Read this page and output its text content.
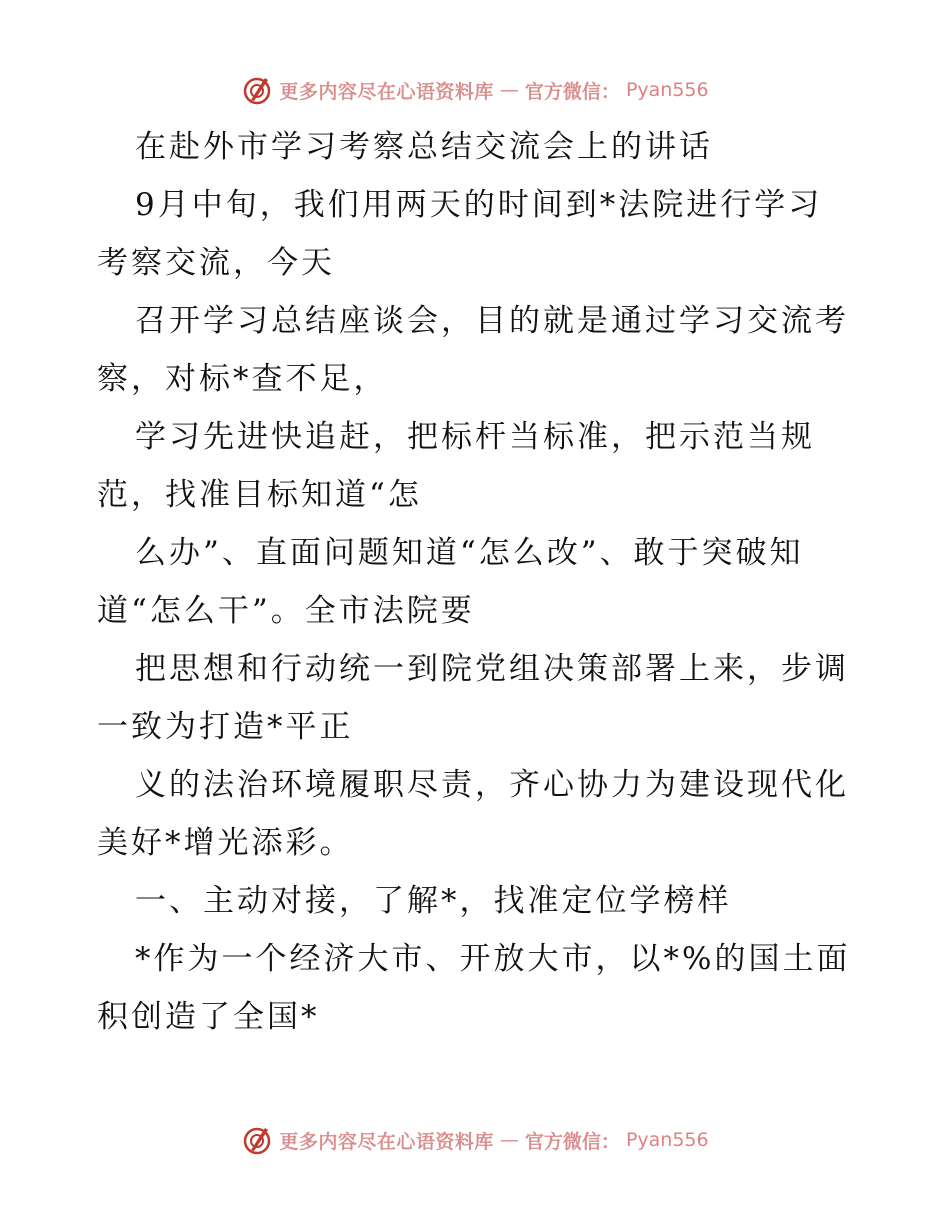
更多内容尽在心语资料库 — 官方微信： Pyan556
在赴外市学习考察总结交流会上的讲话
9月中旬，我们用两天的时间到*法院进行学习
考察交流，今天
召开学习总结座谈会，目的就是通过学习交流考
察，对标*查不足，
学习先进快追赶，把标杆当标准，把示范当规
范，找准目标知道“怎
么办”、直面问题知道“怎么改”、敢于突破知
道“怎么干”。全市法院要
把思想和行动统一到院党组决策部署上来，步调
一致为打造*平正
义的法治环境履职尽责，齐心协力为建设现代化
美好*增光添彩。
一、主动对接，了解*，找准定位学榜样
*作为一个经济大市、开放大市，以*%的国土面
积创造了全国*
更多内容尽在心语资料库 — 官方微信： Pyan556
